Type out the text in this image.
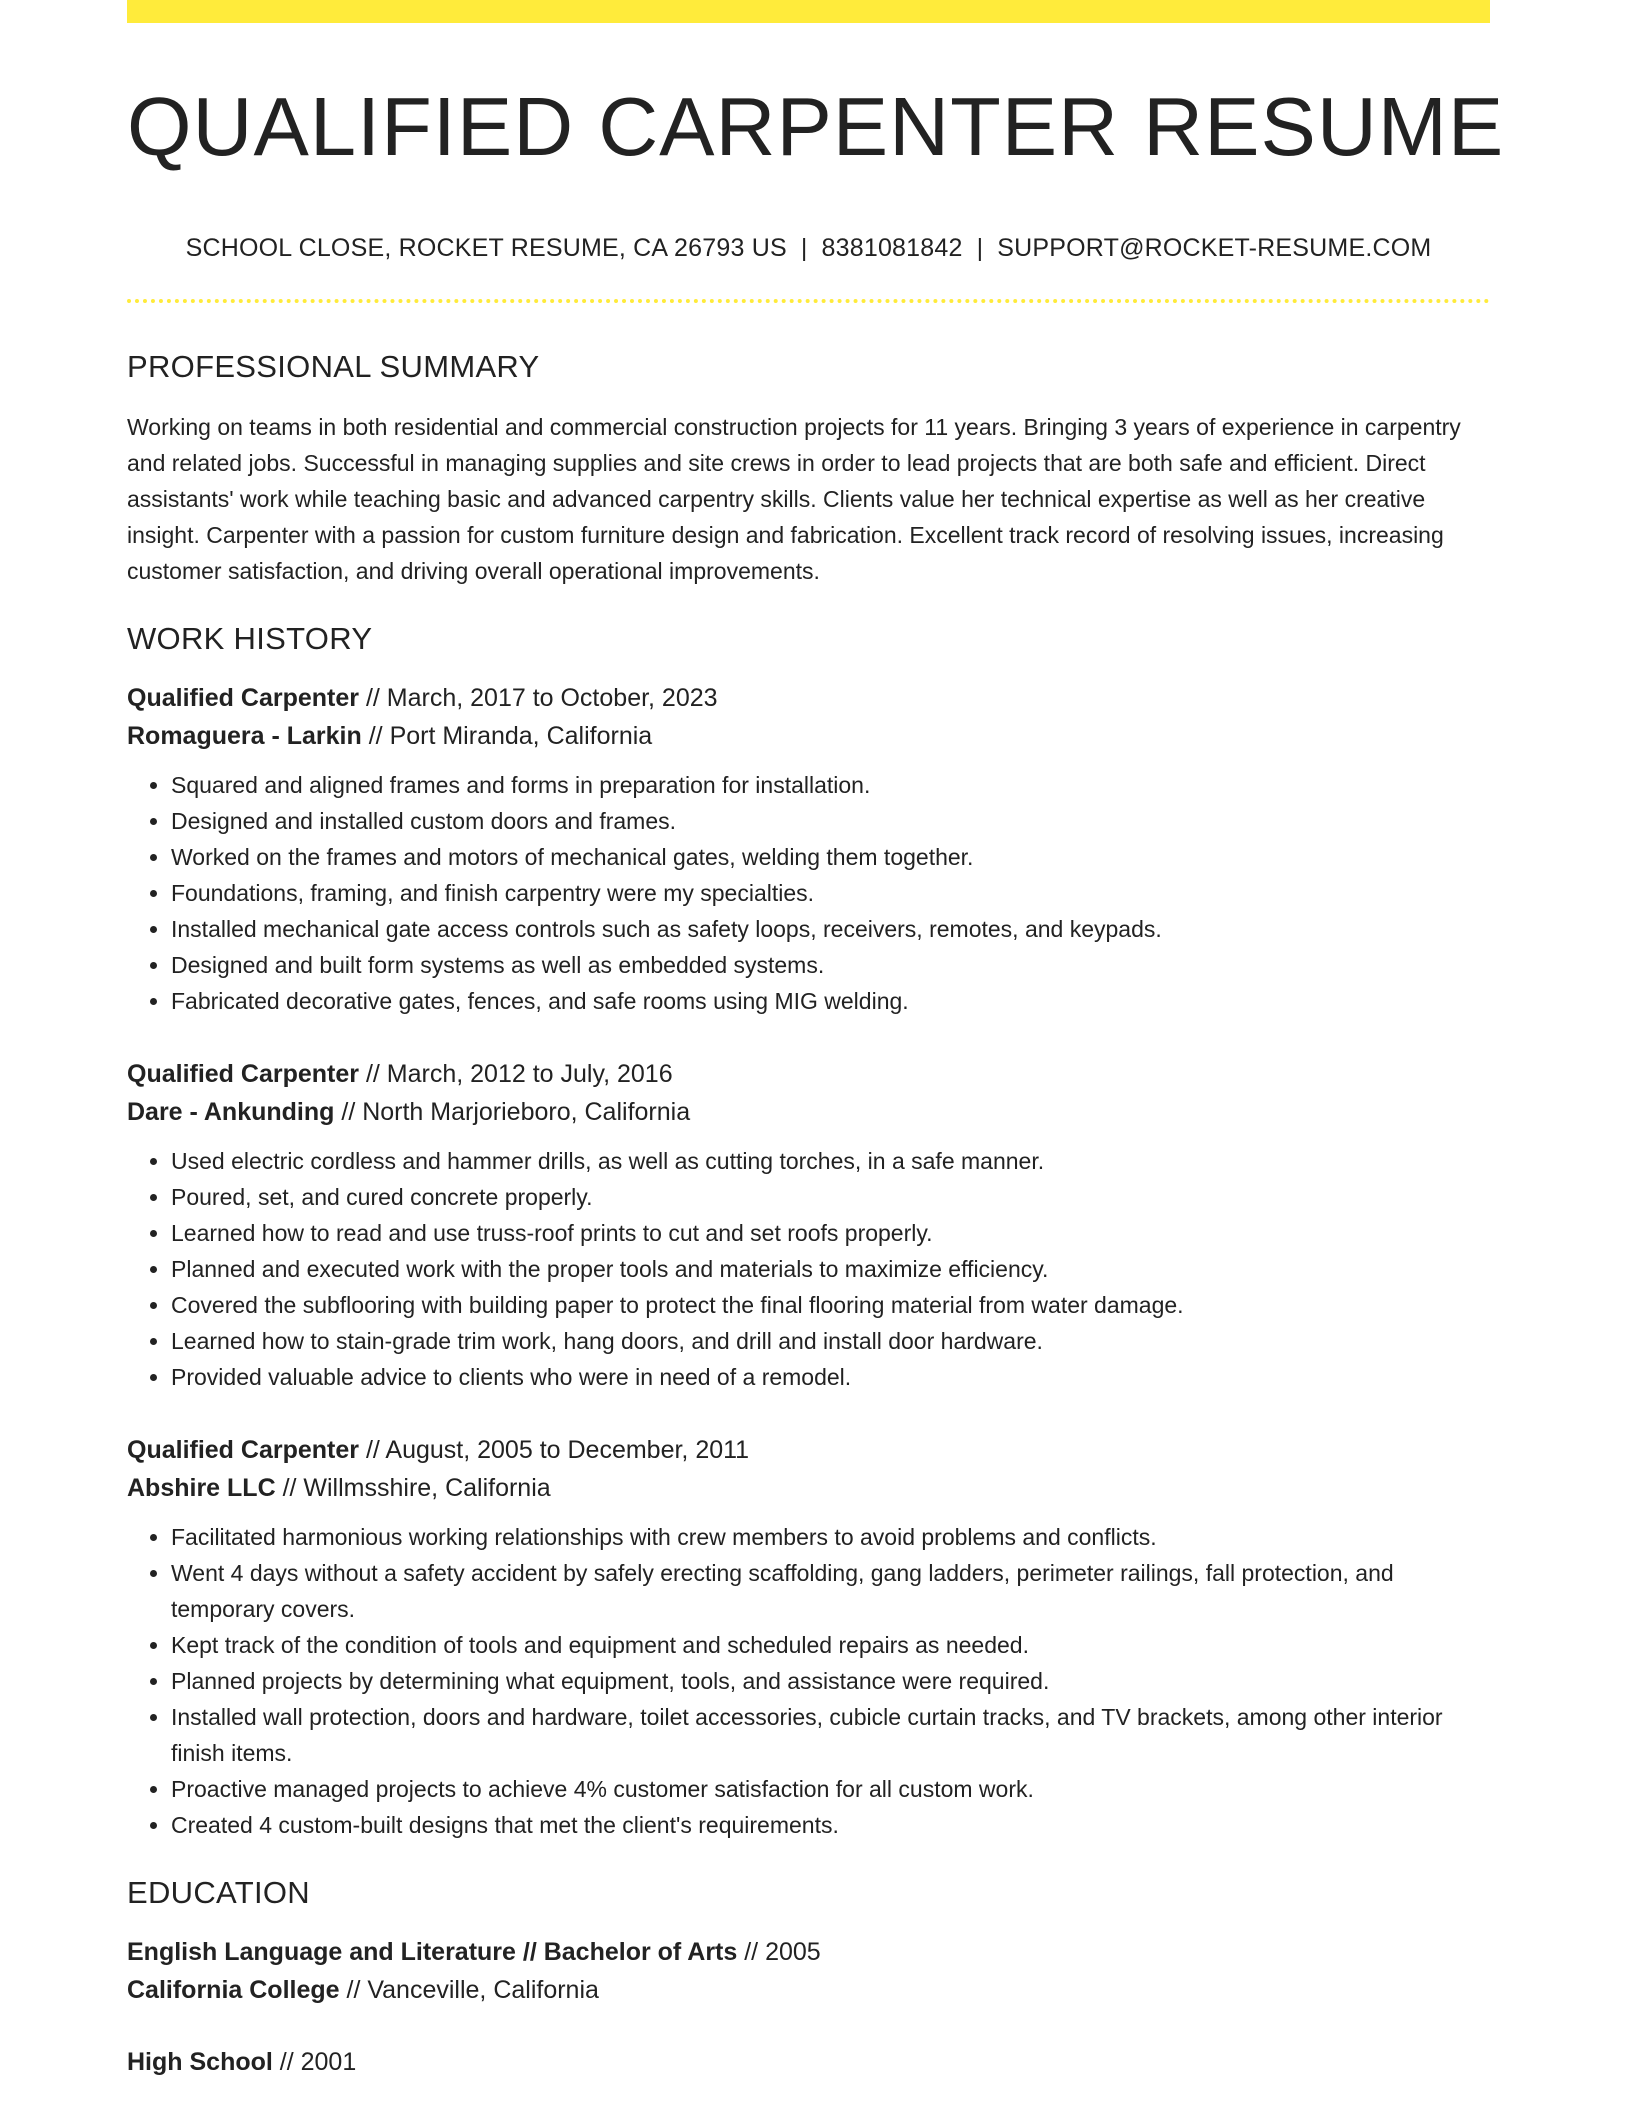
QUALIFIED CARPENTER RESUME
SCHOOL CLOSE, ROCKET RESUME, CA 26793 US | 8381081842 | SUPPORT@ROCKET-RESUME.COM
PROFESSIONAL SUMMARY
Working on teams in both residential and commercial construction projects for 11 years. Bringing 3 years of experience in carpentry and related jobs. Successful in managing supplies and site crews in order to lead projects that are both safe and efficient. Direct assistants' work while teaching basic and advanced carpentry skills. Clients value her technical expertise as well as her creative insight. Carpenter with a passion for custom furniture design and fabrication. Excellent track record of resolving issues, increasing customer satisfaction, and driving overall operational improvements.
WORK HISTORY
Qualified Carpenter // March, 2017 to October, 2023
Romaguera - Larkin // Port Miranda, California
• Squared and aligned frames and forms in preparation for installation.
• Designed and installed custom doors and frames.
• Worked on the frames and motors of mechanical gates, welding them together.
• Foundations, framing, and finish carpentry were my specialties.
• Installed mechanical gate access controls such as safety loops, receivers, remotes, and keypads.
• Designed and built form systems as well as embedded systems.
• Fabricated decorative gates, fences, and safe rooms using MIG welding.
Qualified Carpenter // March, 2012 to July, 2016
Dare - Ankunding // North Marjorieboro, California
• Used electric cordless and hammer drills, as well as cutting torches, in a safe manner.
• Poured, set, and cured concrete properly.
• Learned how to read and use truss-roof prints to cut and set roofs properly.
• Planned and executed work with the proper tools and materials to maximize efficiency.
• Covered the subflooring with building paper to protect the final flooring material from water damage.
• Learned how to stain-grade trim work, hang doors, and drill and install door hardware.
• Provided valuable advice to clients who were in need of a remodel.
Qualified Carpenter // August, 2005 to December, 2011
Abshire LLC // Willmsshire, California
• Facilitated harmonious working relationships with crew members to avoid problems and conflicts.
• Went 4 days without a safety accident by safely erecting scaffolding, gang ladders, perimeter railings, fall protection, and temporary covers.
• Kept track of the condition of tools and equipment and scheduled repairs as needed.
• Planned projects by determining what equipment, tools, and assistance were required.
• Installed wall protection, doors and hardware, toilet accessories, cubicle curtain tracks, and TV brackets, among other interior finish items.
• Proactive managed projects to achieve 4% customer satisfaction for all custom work.
• Created 4 custom-built designs that met the client's requirements.
EDUCATION
English Language and Literature // Bachelor of Arts // 2005
California College // Vanceville, California
High School // 2001
